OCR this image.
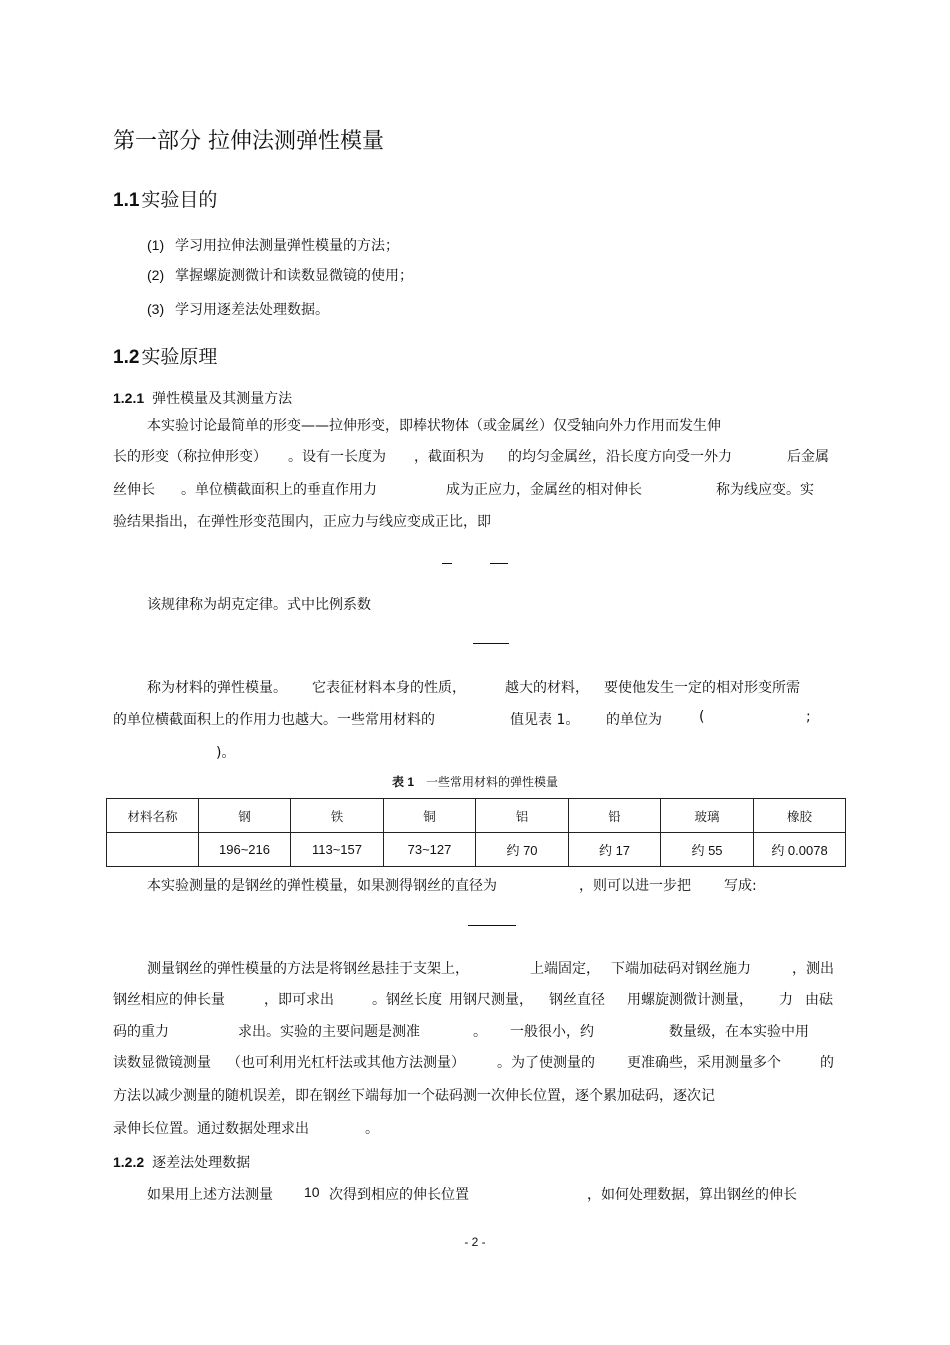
第一部分 拉伸法测弹性模量
1.1 实验目的
(1) 学习用拉伸法测量弹性模量的方法；
(2) 掌握螺旋测微计和读数显微镜的使用；
(3) 学习用逐差法处理数据。
1.2 实验原理
1.2.1 弹性模量及其测量方法
本实验讨论最简单的形变——拉伸形变，即棒状物体（或金属丝）仅受轴向外力作用而发生伸
长的形变（称拉伸形变） 。设有一长度为 ，截面积为 的均匀金属丝，沿长度方向受一外力	后金属
丝伸长 。单位横截面积上的垂直作用力	成为正应力，金属丝的相对伸长	称为线应变。实
验结果指出，在弹性形变范围内，正应力与线应变成正比，即
该规律称为胡克定律。式中比例系数
称为材料的弹性模量。 它表征材料本身的性质，	越大的材料， 要使他发生一定的相对形变所需
的单位横截面积上的作用力也越大。一些常用材料的	值见表 1。 的单位为	(	;
)。
表 1 一些常用材料的弹性模量
材料名称	钢	铁	铜	铝	铅	玻璃	橡胶
	196~216	113~157	73~127	约 70	约 17	约 55	约 0.0078
本实验测量的是钢丝的弹性模量，如果测得钢丝的直径为	，则可以进一步把 写成:
测量钢丝的弹性模量的方法是将钢丝悬挂于支架上，	上端固定， 下端加砝码对钢丝施力	，测出
钢丝相应的伸长量	，即可求出	。钢丝长度 用钢尺测量， 钢丝直径 用螺旋测微计测量， 力 由砝
码的重力	求出。实验的主要问题是测准	。 一般很小，约	数量级，在本实验中用
读数显微镜测量 （也可利用光杠杆法或其他方法测量） 。为了使测量的 更准确些，采用测量多个	的
方法以减少测量的随机误差，即在钢丝下端每加一个砝码测一次伸长位置，逐个累加砝码，逐次记
录伸长位置。通过数据处理求出	。
1.2.2 逐差法处理数据
如果用上述方法测量 10 次得到相应的伸长位置	，如何处理数据，算出钢丝的伸长
- 2 -
